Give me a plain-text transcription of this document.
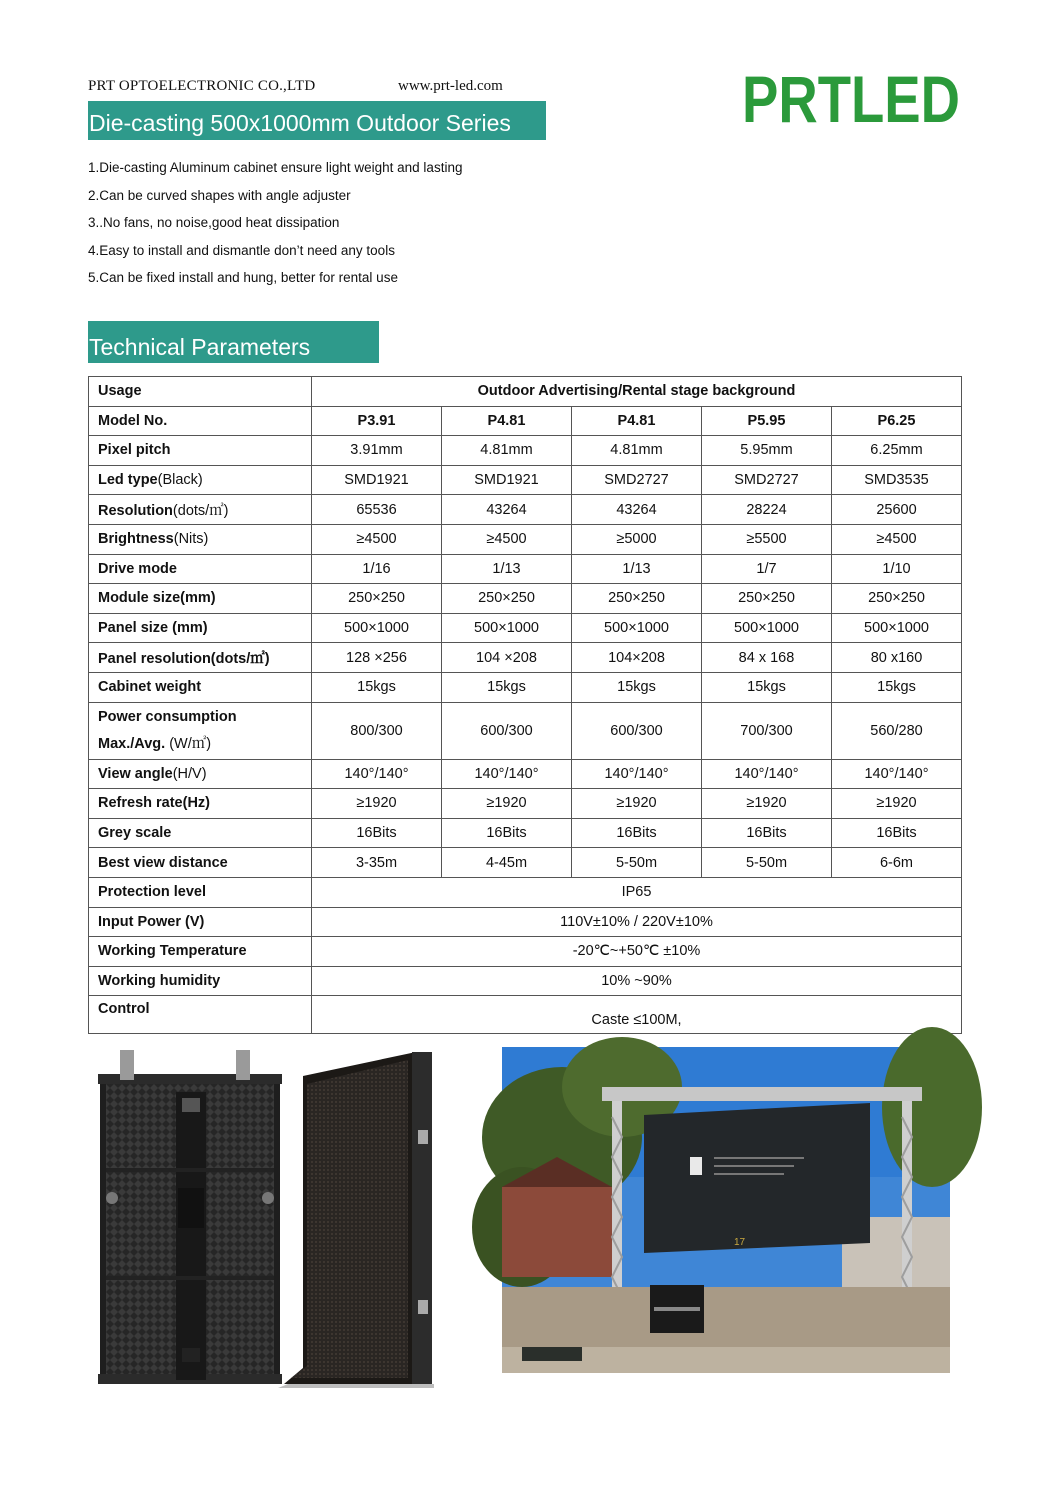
PRT OPTOELECTRONIC CO.,LTD	www.prt-led.com	PRTLED
Die-casting 500x1000mm Outdoor Series
1.Die-casting Aluminum cabinet ensure light weight and lasting
2.Can be curved shapes with angle adjuster
3..No fans, no noise,good heat dissipation
4.Easy to install and dismantle don’t need any tools
5.Can be fixed install and hung, better for rental use
Technical Parameters
Usage	Outdoor Advertising/Rental stage background				
Model No.	P3.91	P4.81	P4.81	P5.95	P6.25
Pixel pitch	3.91mm	4.81mm	4.81mm	5.95mm	6.25mm
Led type(Black)	SMD1921	SMD1921	SMD2727	SMD2727	SMD3535
Resolution(dots/㎡)	65536	43264	43264	28224	25600
Brightness(Nits)	≥4500	≥4500	≥5000	≥5500	≥4500
Drive mode	1/16	1/13	1/13	1/7	1/10
Module size(mm)	250×250	250×250	250×250	250×250	250×250
Panel size (mm)	500×1000	500×1000	500×1000	500×1000	500×1000
Panel resolution(dots/㎡)	128 ×256	104 ×208	104×208	84 x 168	80 x160
Cabinet weight	15kgs	15kgs	15kgs	15kgs	15kgs
Power consumption
Max./Avg. (W/㎡)	800/300	600/300	600/300	700/300	560/280
View angle(H/V)	140°/140°	140°/140°	140°/140°	140°/140°	140°/140°
Refresh rate(Hz)	≥1920	≥1920	≥1920	≥1920	≥1920
Grey scale	16Bits	16Bits	16Bits	16Bits	16Bits
Best view distance	3-35m	4-45m	5-50m	5-50m	6-6m
Protection level	IP65				
Input Power (V)	110V±10% / 220V±10%				
Working Temperature	-20℃~+50℃ ±10%				
Working humidity	10% ~90%				
Control	Caste ≤100M,				
17
